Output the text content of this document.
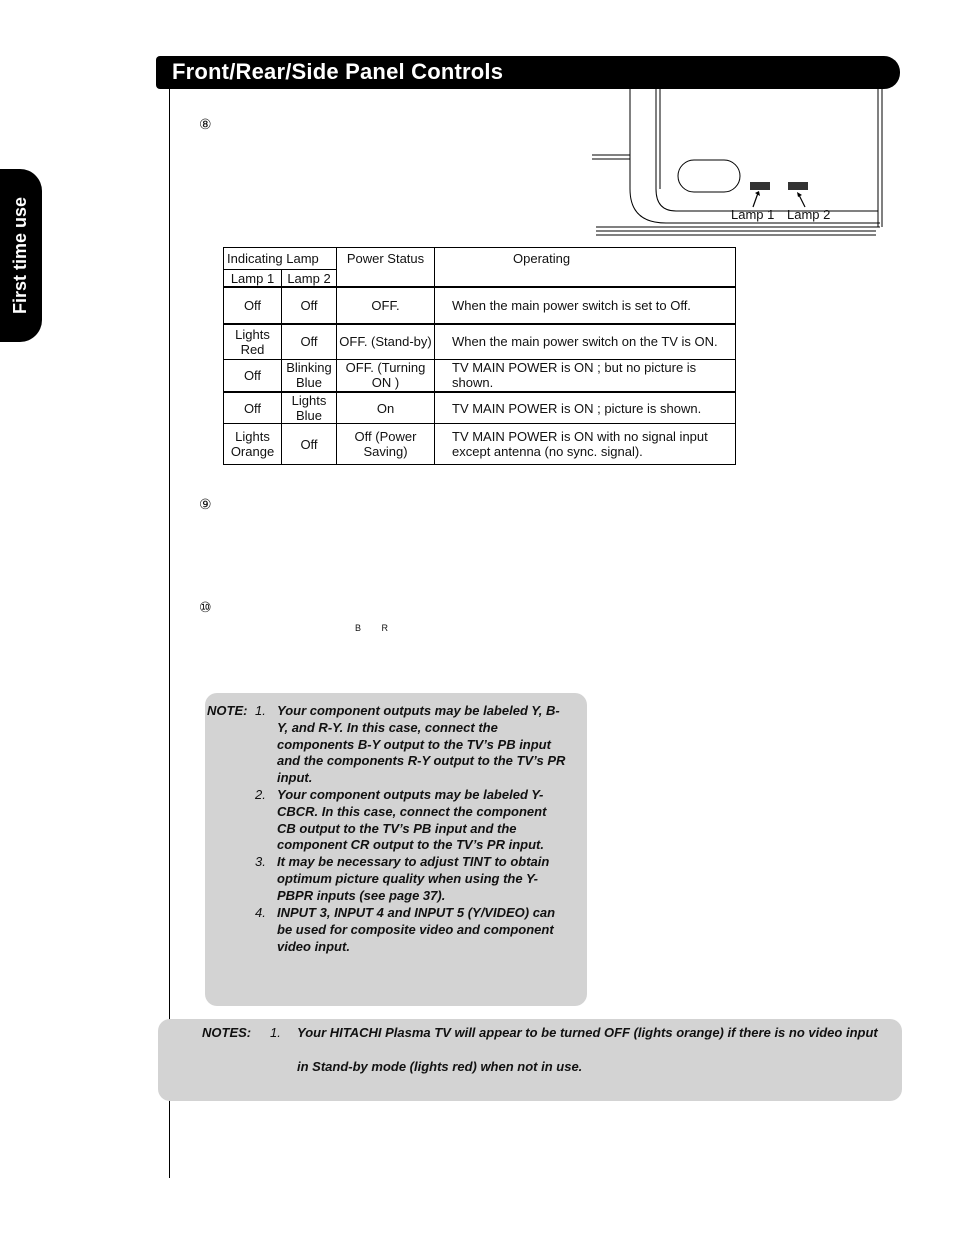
Front/Rear/Side Panel Controls
First time use
⑧
⑨
⑩
B R
Lamp 1 Lamp 2
Indicating Lamp		Power Status	Operating
Lamp 1	Lamp 2		
Off	Off	OFF.	When the main power switch is set to Off.
Lights Red	Off	OFF. (Stand-by)	When the main power switch on the TV is ON.
Off	Blinking Blue	OFF. (Turning ON )	TV MAIN POWER is ON ; but no picture is shown.
Off	Lights Blue	On	TV MAIN POWER is ON ; picture is shown.
Lights Orange	Off	Off (Power Saving)	TV MAIN POWER is ON with no signal input except antenna (no sync. signal).
NOTE: 1. Your component outputs may be labeled Y, B-Y, and R-Y. In this case, connect the components B-Y output to the TV’s PB input and the components R-Y output to the TV’s PR input.
2. Your component outputs may be labeled Y-CBCR. In this case, connect the component CB output to the TV’s PB input and the component CR output to the TV’s PR input.
3. It may be necessary to adjust TINT to obtain optimum picture quality when using the Y-PBPR inputs (see page 37).
4. INPUT 3, INPUT 4 and INPUT 5 (Y/VIDEO) can be used for composite video and component video input.
NOTES: 1. Your HITACHI Plasma TV will appear to be turned OFF (lights orange) if there is no video input
in Stand-by mode (lights red) when not in use.
